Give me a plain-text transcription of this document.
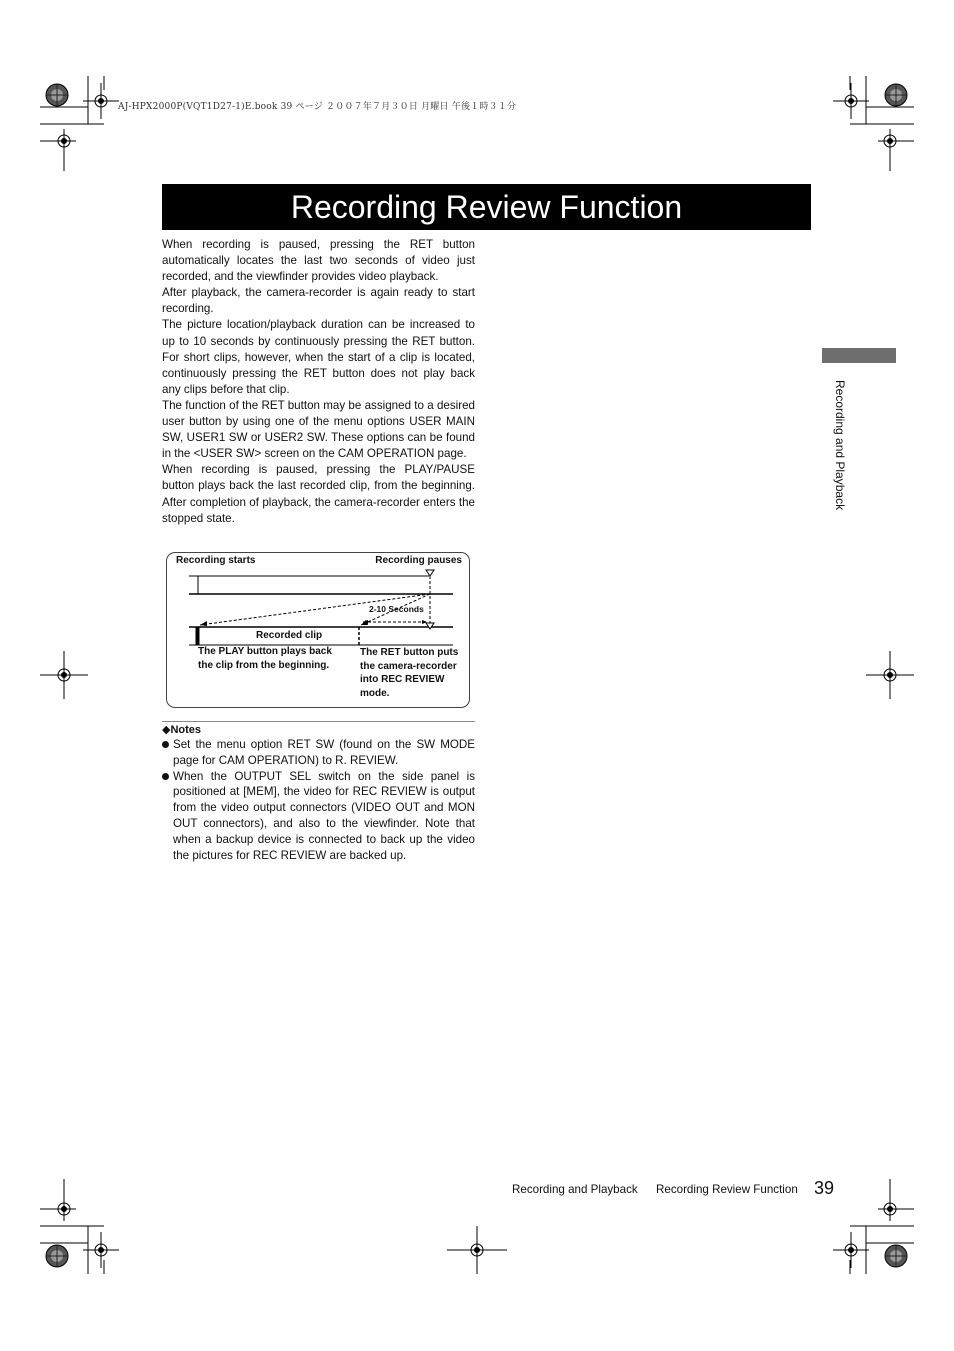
AJ-HPX2000P(VQT1D27-1)E.book 39 ページ ２００７年７月３０日 月曜日 午後１時３１分
Recording Review Function

When recording is paused, pressing the RET button automatically locates the last two seconds of video just recorded, and the viewfinder provides video playback.

After playback, the camera-recorder is again ready to start recording.

The picture location/playback duration can be increased to up to 10 seconds by continuously pressing the RET button. For short clips, however, when the start of a clip is located, continuously pressing the RET button does not play back any clips before that clip.

The function of the RET button may be assigned to a desired user button by using one of the menu options USER MAIN SW, USER1 SW or USER2 SW. These options can be found in the <USER SW> screen on the CAM OPERATION page.

When recording is paused, pressing the PLAY/PAUSE button plays back the last recorded clip, from the beginning. After completion of playback, the camera-recorder enters the stopped state.

Recording and Playback
Recording starts	Recording pauses
2-10 Seconds
Recorded clip
The PLAY button plays back the clip from the beginning.
The RET button puts the camera-recorder into REC REVIEW mode.
◆Notes
Set the menu option RET SW (found on the SW MODE page for CAM OPERATION) to R. REVIEW.
When the OUTPUT SEL switch on the side panel is positioned at [MEM], the video for REC REVIEW is output from the video output connectors (VIDEO OUT and MON OUT connectors), and also to the viewfinder. Note that when a backup device is connected to back up the video the pictures for REC REVIEW are backed up.
Recording and Playback Recording Review Function 39
